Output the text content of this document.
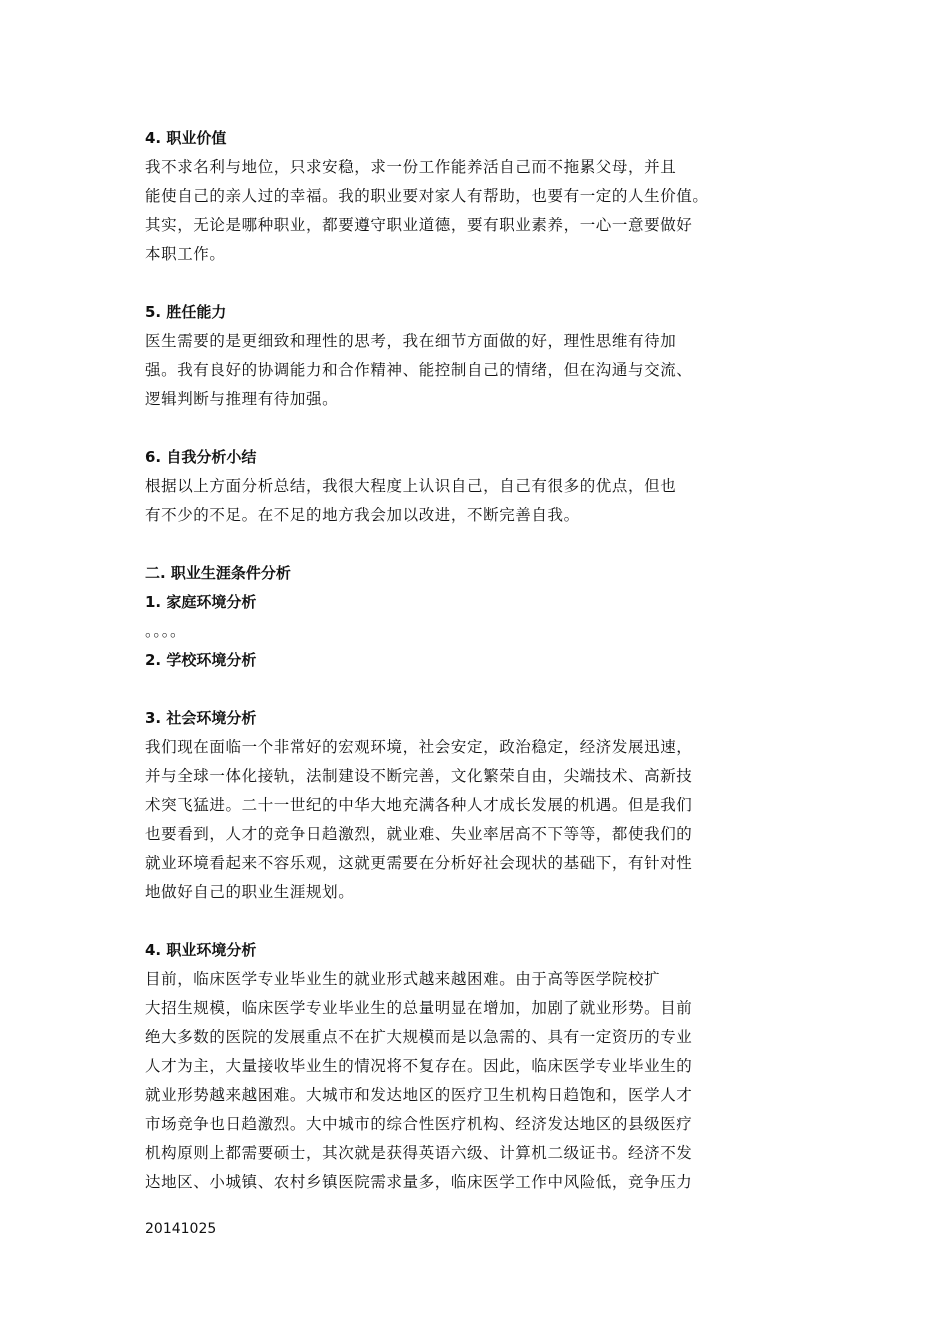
4. 职业价值
我不求名利与地位，只求安稳，求一份工作能养活自己而不拖累父母，并且
能使自己的亲人过的幸福。我的职业要对家人有帮助，也要有一定的人生价值。
其实，无论是哪种职业，都要遵守职业道德，要有职业素养，一心一意要做好
本职工作。
5. 胜任能力
医生需要的是更细致和理性的思考，我在细节方面做的好，理性思维有待加
强。我有良好的协调能力和合作精神、能控制自己的情绪，但在沟通与交流、
逻辑判断与推理有待加强。
6. 自我分析小结
根据以上方面分析总结，我很大程度上认识自己，自己有很多的优点，但也
有不少的不足。在不足的地方我会加以改进，不断完善自我。
二. 职业生涯条件分析
1. 家庭环境分析
。。。。
2. 学校环境分析
3. 社会环境分析
我们现在面临一个非常好的宏观环境，社会安定，政治稳定，经济发展迅速，
并与全球一体化接轨，法制建设不断完善，文化繁荣自由，尖端技术、高新技
术突飞猛进。二十一世纪的中华大地充满各种人才成长发展的机遇。但是我们
也要看到，人才的竞争日趋激烈，就业难、失业率居高不下等等，都使我们的
就业环境看起来不容乐观，这就更需要在分析好社会现状的基础下，有针对性
地做好自己的职业生涯规划。
4. 职业环境分析
目前，临床医学专业毕业生的就业形式越来越困难。由于高等医学院校扩
大招生规模，临床医学专业毕业生的总量明显在增加，加剧了就业形势。目前
绝大多数的医院的发展重点不在扩大规模而是以急需的、具有一定资历的专业
人才为主，大量接收毕业生的情况将不复存在。因此，临床医学专业毕业生的
就业形势越来越困难。大城市和发达地区的医疗卫生机构日趋饱和，医学人才
市场竞争也日趋激烈。大中城市的综合性医疗机构、经济发达地区的县级医疗
机构原则上都需要硕士，其次就是获得英语六级、计算机二级证书。经济不发
达地区、小城镇、农村乡镇医院需求量多，临床医学工作中风险低，竞争压力
20141025
